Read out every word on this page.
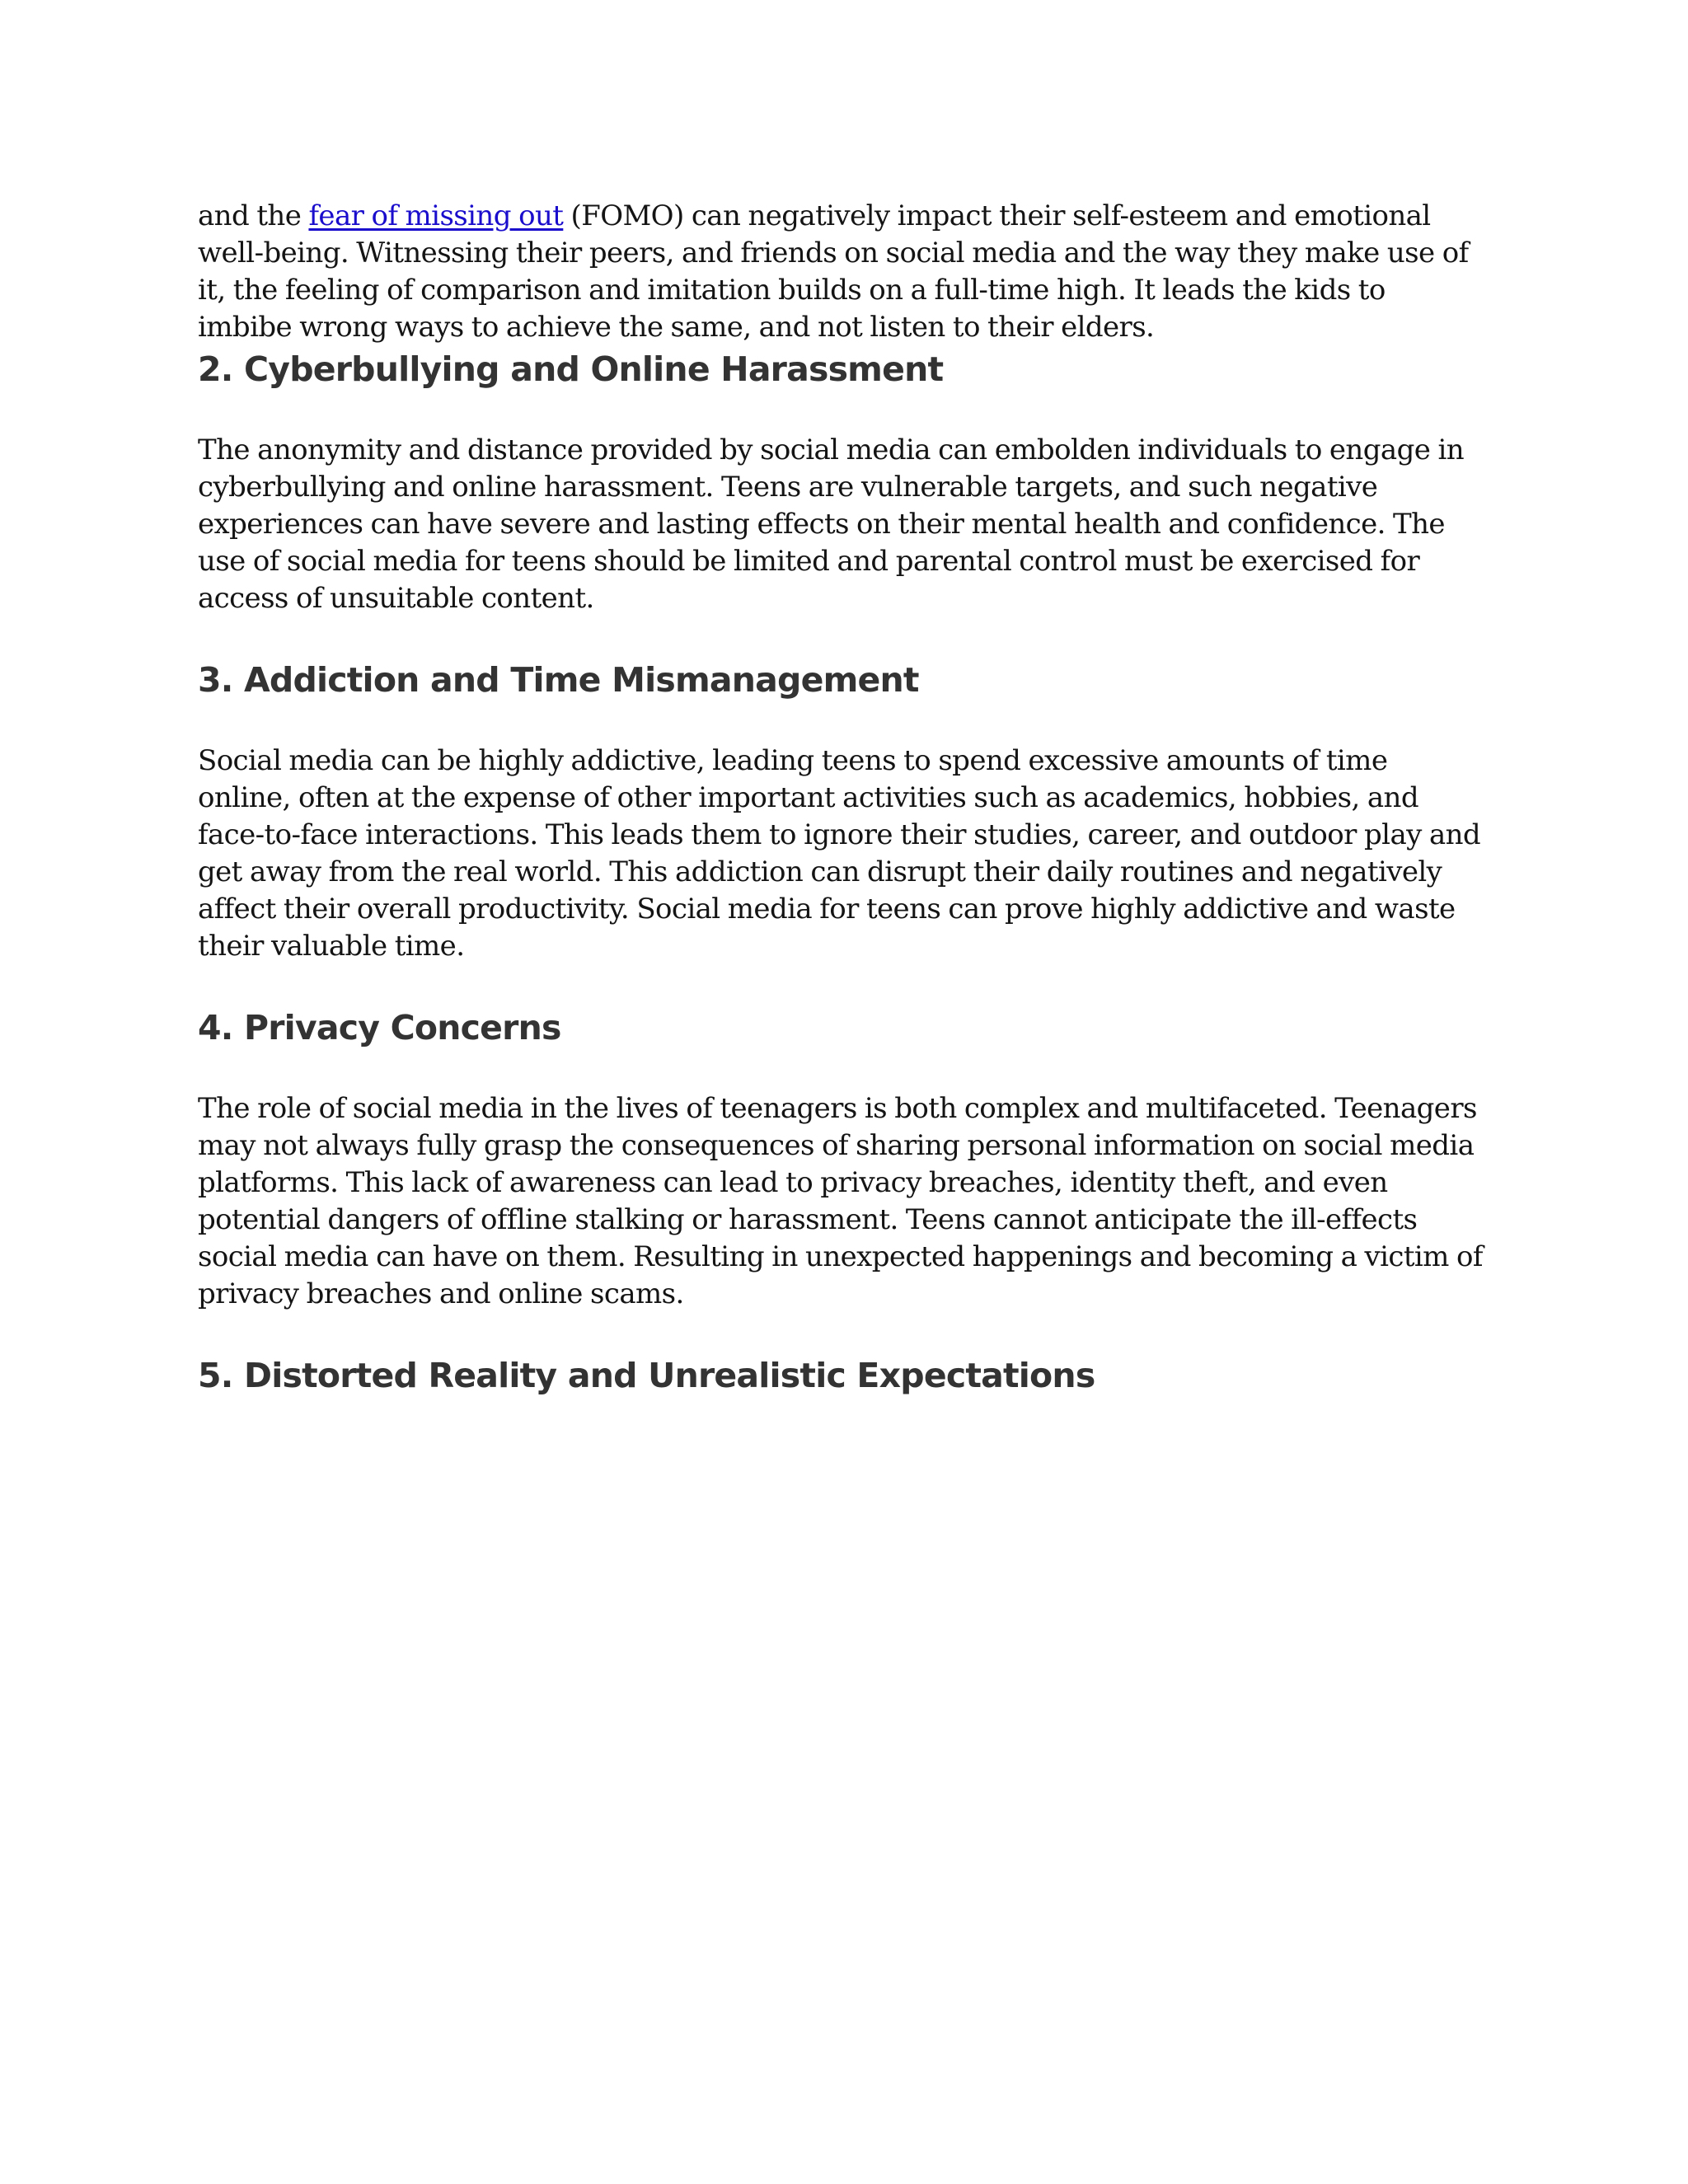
and the fear of missing out (FOMO) can negatively impact their self-esteem and emotional well-being. Witnessing their peers, and friends on social media and the way they make use of it, the feeling of comparison and imitation builds on a full-time high. It leads the kids to imbibe wrong ways to achieve the same, and not listen to their elders.

2. Cyberbullying and Online Harassment

The anonymity and distance provided by social media can embolden individuals to engage in cyberbullying and online harassment. Teens are vulnerable targets, and such negative experiences can have severe and lasting effects on their mental health and confidence. The use of social media for teens should be limited and parental control must be exercised for access of unsuitable content.

3. Addiction and Time Mismanagement

Social media can be highly addictive, leading teens to spend excessive amounts of time online, often at the expense of other important activities such as academics, hobbies, and face-to-face interactions. This leads them to ignore their studies, career, and outdoor play and get away from the real world. This addiction can disrupt their daily routines and negatively affect their overall productivity. Social media for teens can prove highly addictive and waste their valuable time.

4. Privacy Concerns

The role of social media in the lives of teenagers is both complex and multifaceted. Teenagers may not always fully grasp the consequences of sharing personal information on social media platforms. This lack of awareness can lead to privacy breaches, identity theft, and even potential dangers of offline stalking or harassment. Teens cannot anticipate the ill-effects social media can have on them. Resulting in unexpected happenings and becoming a victim of privacy breaches and online scams.

5. Distorted Reality and Unrealistic Expectations
